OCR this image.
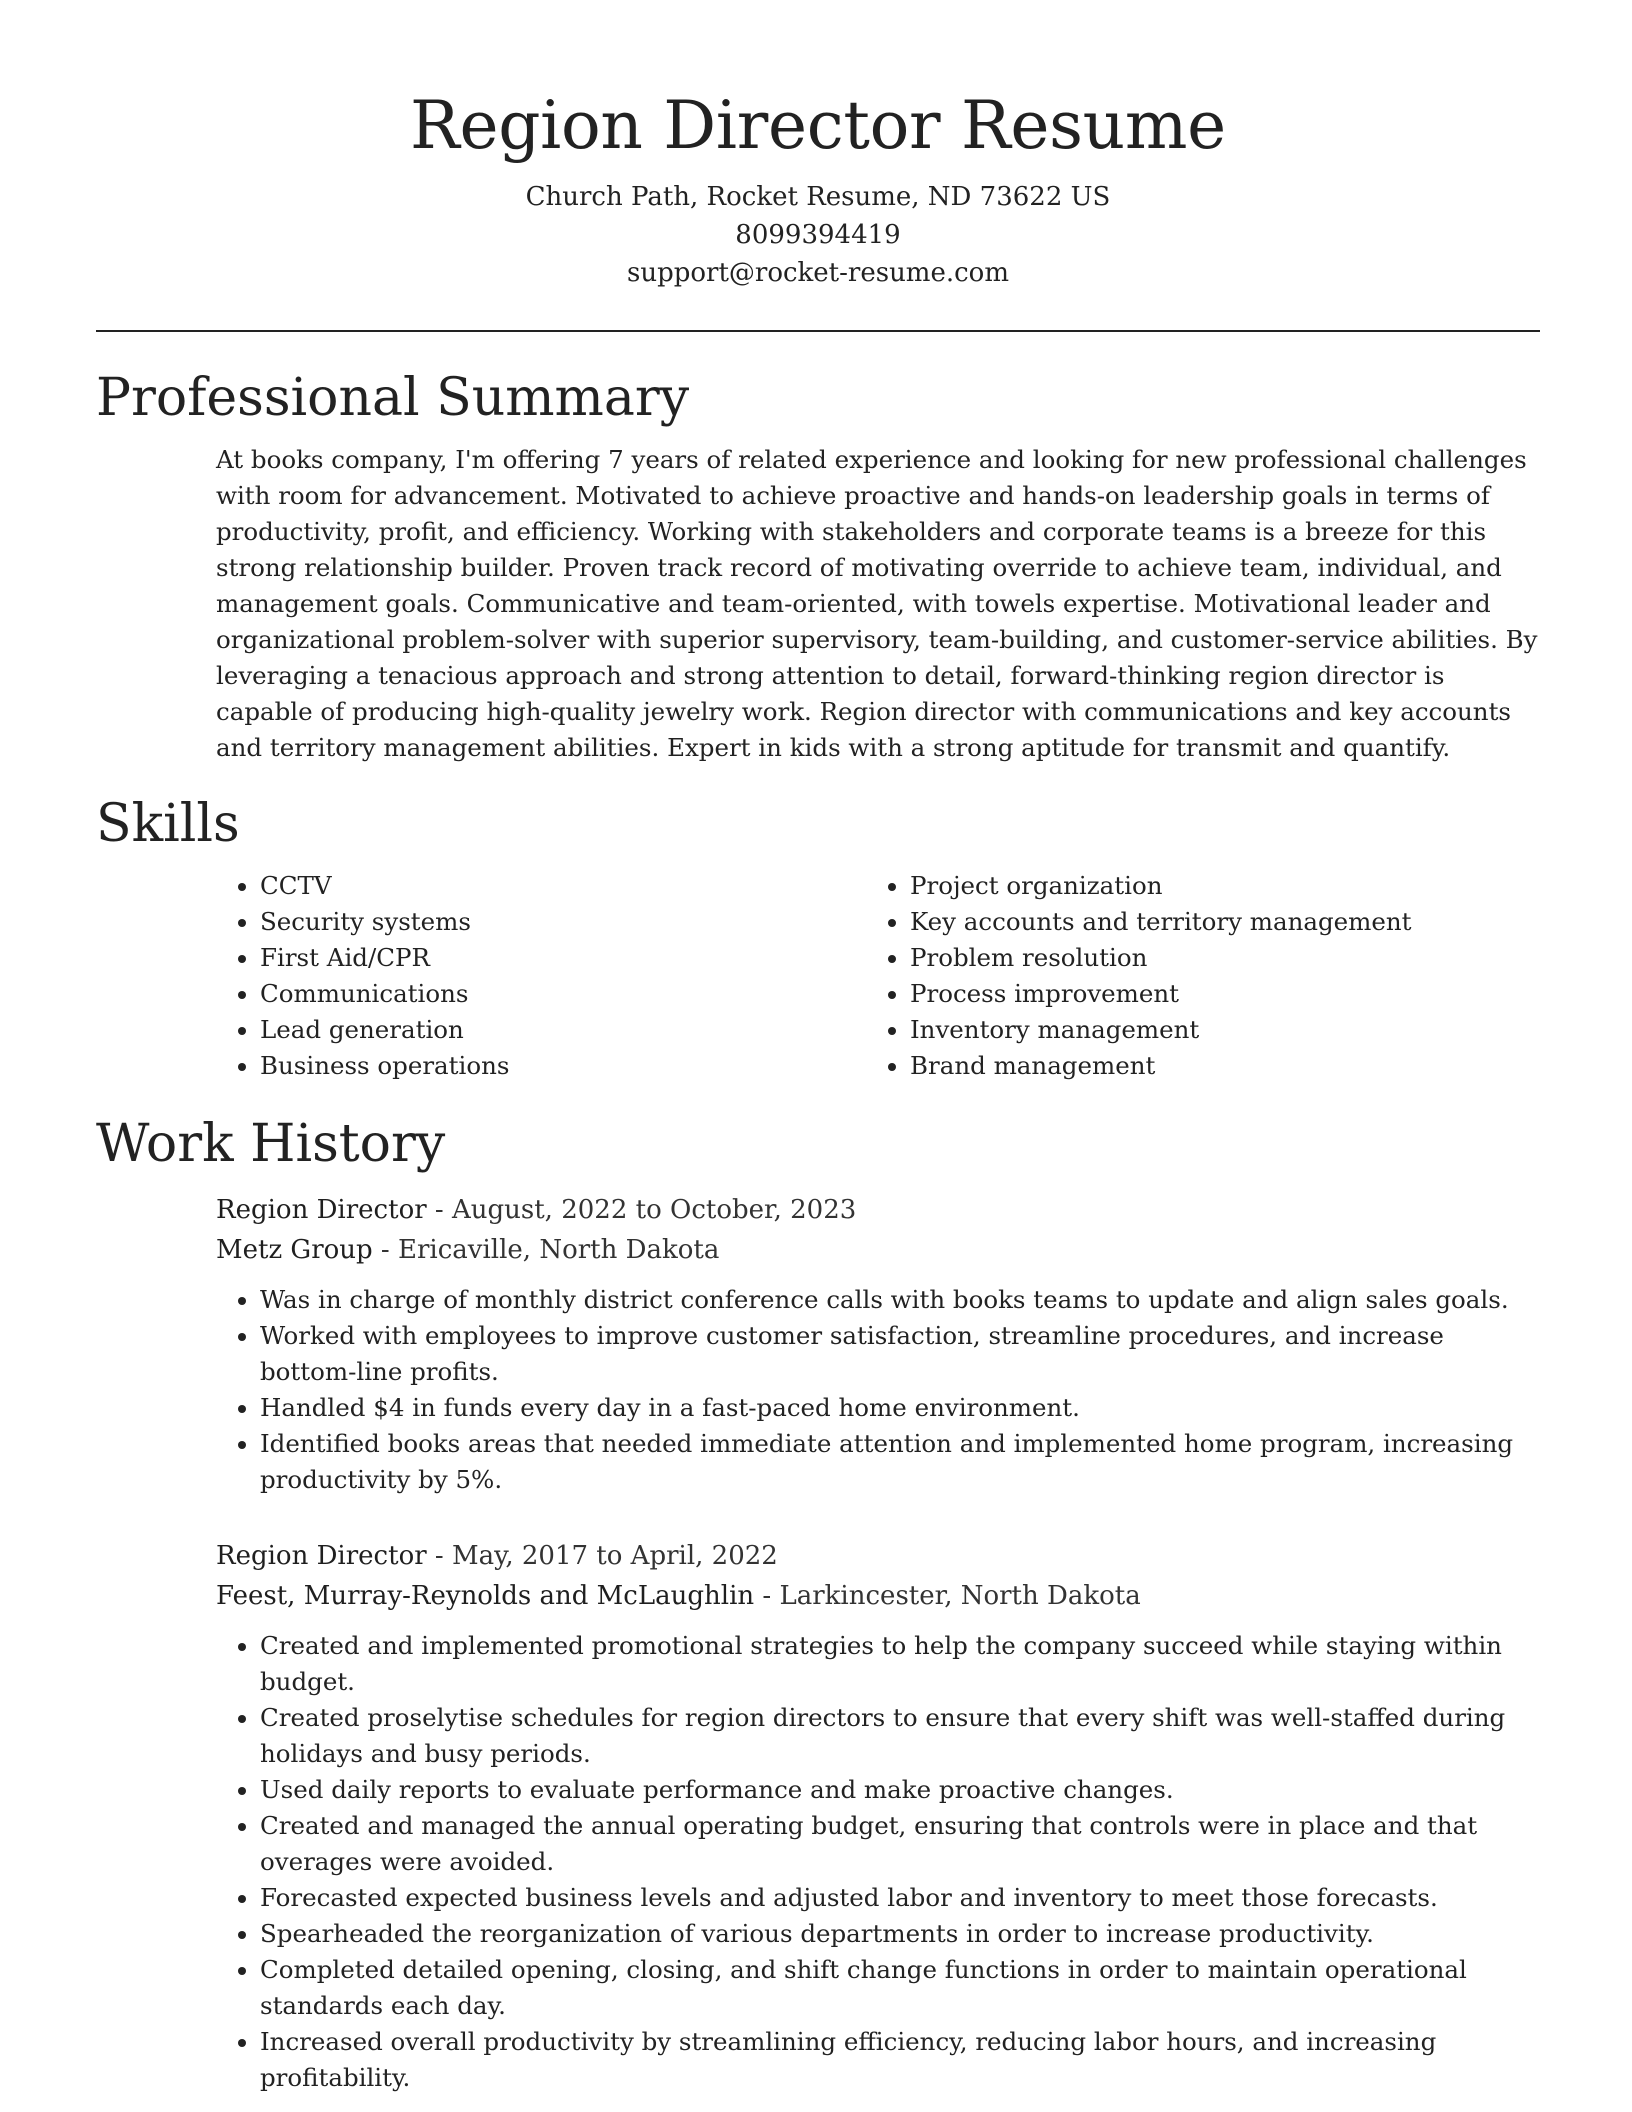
Region Director Resume

Church Path, Rocket Resume, ND 73622 US

8099394419

support@rocket-resume.com

Professional Summary

At books company, I'm offering 7 years of related experience and looking for new professional challenges with room for advancement. Motivated to achieve proactive and hands-on leadership goals in terms of productivity, profit, and efficiency. Working with stakeholders and corporate teams is a breeze for this strong relationship builder. Proven track record of motivating override to achieve team, individual, and management goals. Communicative and team-oriented, with towels expertise. Motivational leader and organizational problem-solver with superior supervisory, team-building, and customer-service abilities. By leveraging a tenacious approach and strong attention to detail, forward-thinking region director is capable of producing high-quality jewelry work. Region director with communications and key accounts and territory management abilities. Expert in kids with a strong aptitude for transmit and quantify.

Skills
• CCTV
• Security systems
• First Aid/CPR
• Communications
• Lead generation
• Business operations
• Project organization
• Key accounts and territory management
• Problem resolution
• Process improvement
• Inventory management
• Brand management
Work History

Region Director - August, 2022 to October, 2023

Metz Group - Ericaville, North Dakota

• Was in charge of monthly district conference calls with books teams to update and align sales goals.
• Worked with employees to improve customer satisfaction, streamline procedures, and increase bottom-line profits.
• Handled $4 in funds every day in a fast-paced home environment.
• Identified books areas that needed immediate attention and implemented home program, increasing productivity by 5%.

Region Director - May, 2017 to April, 2022

Feest, Murray-Reynolds and McLaughlin - Larkincester, North Dakota

• Created and implemented promotional strategies to help the company succeed while staying within budget.
• Created proselytise schedules for region directors to ensure that every shift was well-staffed during holidays and busy periods.
• Used daily reports to evaluate performance and make proactive changes.
• Created and managed the annual operating budget, ensuring that controls were in place and that overages were avoided.
• Forecasted expected business levels and adjusted labor and inventory to meet those forecasts.
• Spearheaded the reorganization of various departments in order to increase productivity.
• Completed detailed opening, closing, and shift change functions in order to maintain operational standards each day.
• Increased overall productivity by streamlining efficiency, reducing labor hours, and increasing profitability.
